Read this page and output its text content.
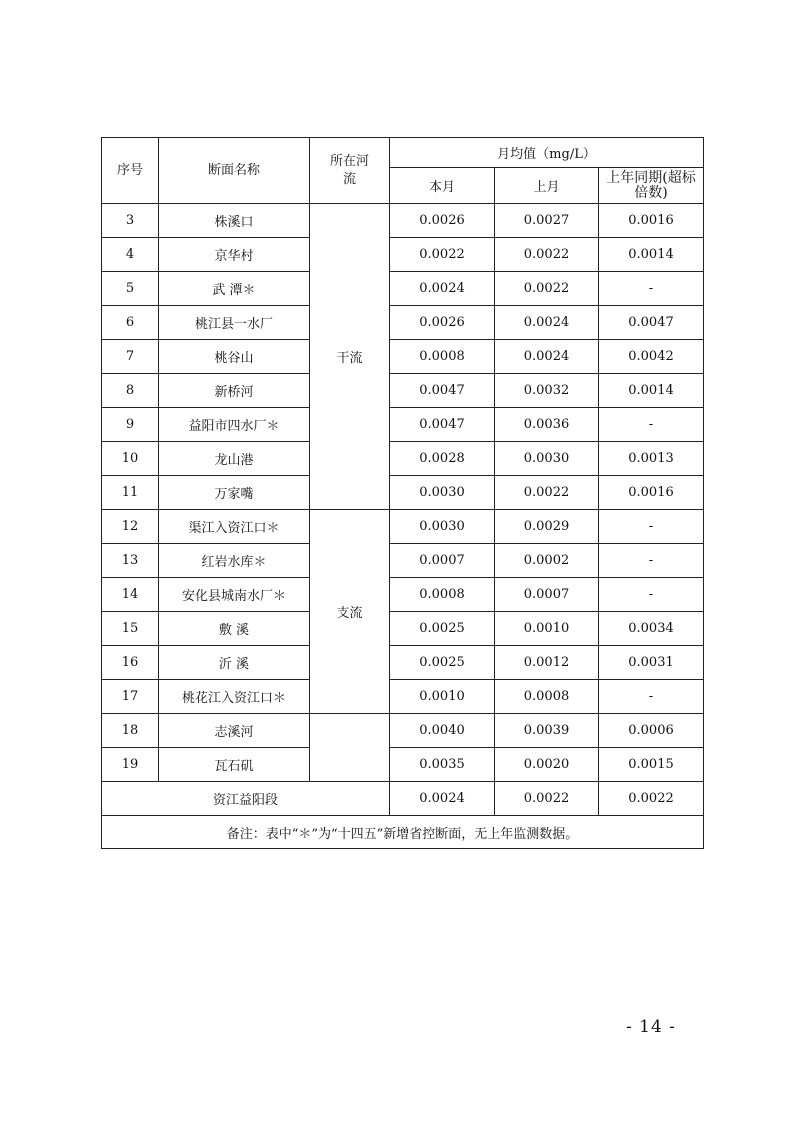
序号	断面名称	所在河流	月均值（mg/L）		
			本月	上月	上年同期(超标倍数)
3	株溪口	干流	0.0026	0.0027	0.0016
4	京华村		0.0022	0.0022	0.0014
5	武 潭＊		0.0024	0.0022	-
6	桃江县一水厂		0.0026	0.0024	0.0047
7	桃谷山		0.0008	0.0024	0.0042
8	新桥河		0.0047	0.0032	0.0014
9	益阳市四水厂＊		0.0047	0.0036	-
10	龙山港		0.0028	0.0030	0.0013
11	万家嘴		0.0030	0.0022	0.0016
12	渠江入资江口＊	支流	0.0030	0.0029	-
13	红岩水库＊		0.0007	0.0002	-
14	安化县城南水厂＊		0.0008	0.0007	-
15	敷 溪		0.0025	0.0010	0.0034
16	沂 溪		0.0025	0.0012	0.0031
17	桃花江入资江口＊		0.0010	0.0008	-
18	志溪河		0.0040	0.0039	0.0006
19	瓦石矶		0.0035	0.0020	0.0015
资江益阳段			0.0024	0.0022	0.0022
备注：表中“＊”为“十四五”新增省控断面，无上年监测数据。					
- 14 -
